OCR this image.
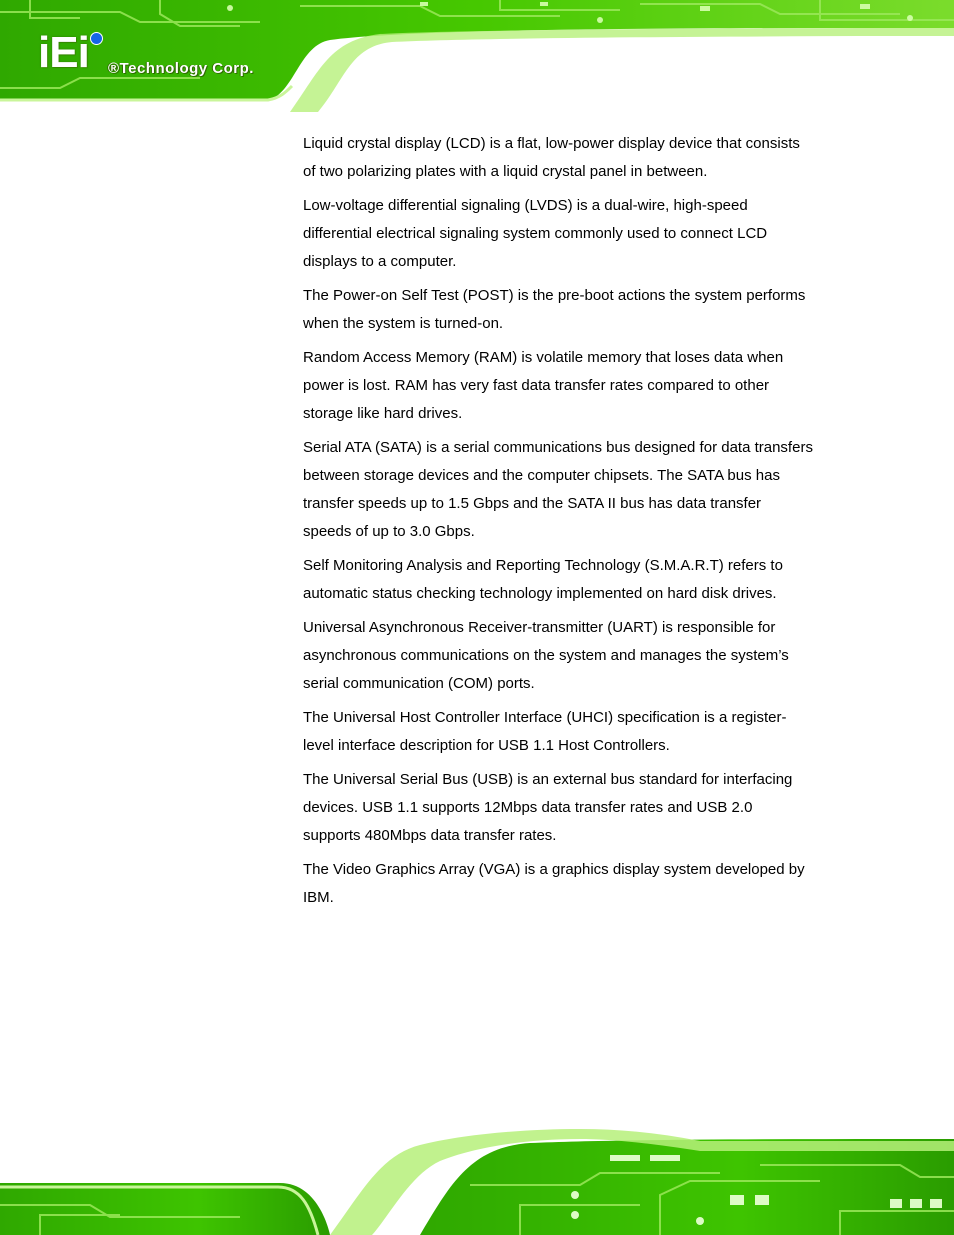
iEi ®Technology Corp.

Liquid crystal display (LCD) is a flat, low-power display device that consists of two polarizing plates with a liquid crystal panel in between.

Low-voltage differential signaling (LVDS) is a dual-wire, high-speed differential electrical signaling system commonly used to connect LCD displays to a computer.

The Power-on Self Test (POST) is the pre-boot actions the system performs when the system is turned-on.

Random Access Memory (RAM) is volatile memory that loses data when power is lost. RAM has very fast data transfer rates compared to other storage like hard drives.

Serial ATA (SATA) is a serial communications bus designed for data transfers between storage devices and the computer chipsets. The SATA bus has transfer speeds up to 1.5 Gbps and the SATA II bus has data transfer speeds of up to 3.0 Gbps.

Self Monitoring Analysis and Reporting Technology (S.M.A.R.T) refers to automatic status checking technology implemented on hard disk drives.

Universal Asynchronous Receiver-transmitter (UART) is responsible for asynchronous communications on the system and manages the system’s serial communication (COM) ports.

The Universal Host Controller Interface (UHCI) specification is a register-level interface description for USB 1.1 Host Controllers.

The Universal Serial Bus (USB) is an external bus standard for interfacing devices. USB 1.1 supports 12Mbps data transfer rates and USB 2.0 supports 480Mbps data transfer rates.

The Video Graphics Array (VGA) is a graphics display system developed by IBM.
